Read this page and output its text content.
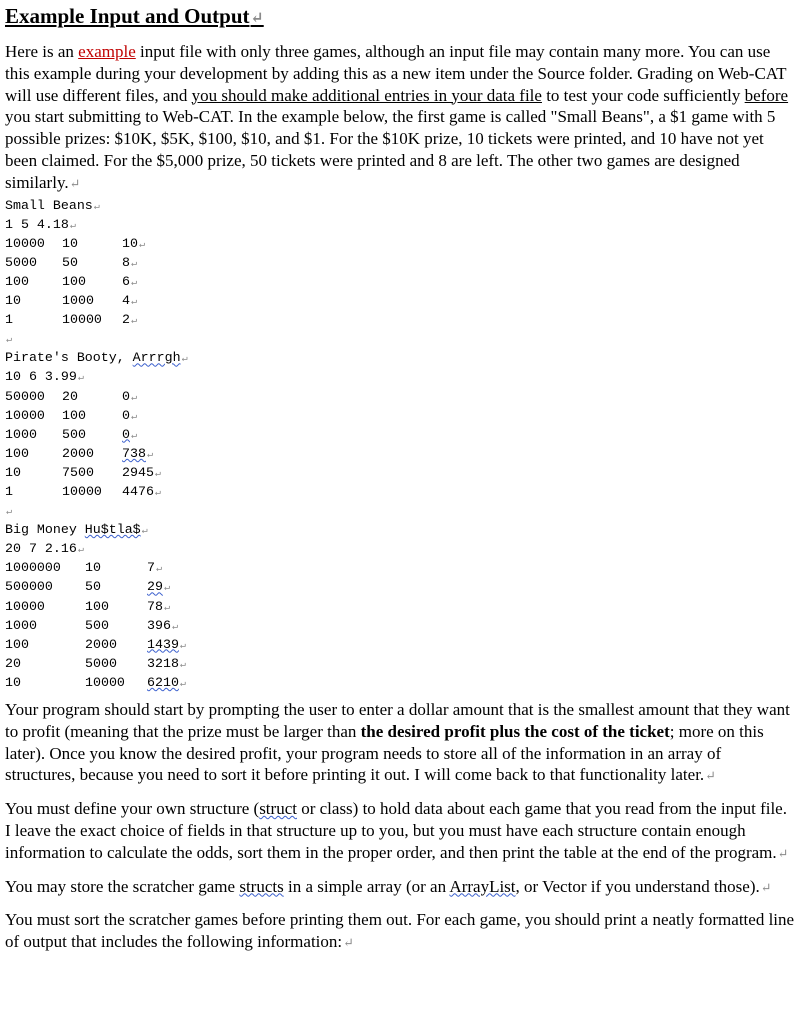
Example Input and Output↵

Here is an example input file with only three games, although an input file may contain many more. You can use this example during your development by adding this as a new item under the Source folder. Grading on Web-CAT will use different files, and you should make additional entries in your data file to test your code sufficiently before you start submitting to Web-CAT. In the example below, the first game is called "Small Beans", a $1 game with 5 possible prizes: $10K, $5K, $100, $10, and $1. For the $10K prize, 10 tickets were printed, and 10 have not yet been claimed. For the $5,000 prize, 50 tickets were printed and 8 are left. The other two games are designed similarly.↵

Small Beans↵
1 5 4.18↵
10000 10	10↵
5000 50	8↵
100 100	6↵
10	1000 4↵
1	10000 2↵
↵
Pirate's Booty, Arrrgh↵
10 6 3.99↵
50000 20	0↵
10000 100	0↵
1000 500	0↵
100 2000 738↵
10	7500 2945↵
1	10000 4476↵
↵
Big Money Hu$tla$↵
20 7 2.16↵
1000000 10	7↵
500000 50	29↵
10000	100	78↵
1000	500	396↵
100	2000 1439↵
20	5000 3218↵
10	10000 6210↵

Your program should start by prompting the user to enter a dollar amount that is the smallest amount that they want to profit (meaning that the prize must be larger than the desired profit plus the cost of the ticket; more on this later). Once you know the desired profit, your program needs to store all of the information in an array of structures, because you need to sort it before printing it out. I will come back to that functionality later.↵

You must define your own structure (struct or class) to hold data about each game that you read from the input file. I leave the exact choice of fields in that structure up to you, but you must have each structure contain enough information to calculate the odds, sort them in the proper order, and then print the table at the end of the program.↵

You may store the scratcher game structs in a simple array (or an ArrayList, or Vector if you understand those).↵

You must sort the scratcher games before printing them out. For each game, you should print a neatly formatted line of output that includes the following information:↵
